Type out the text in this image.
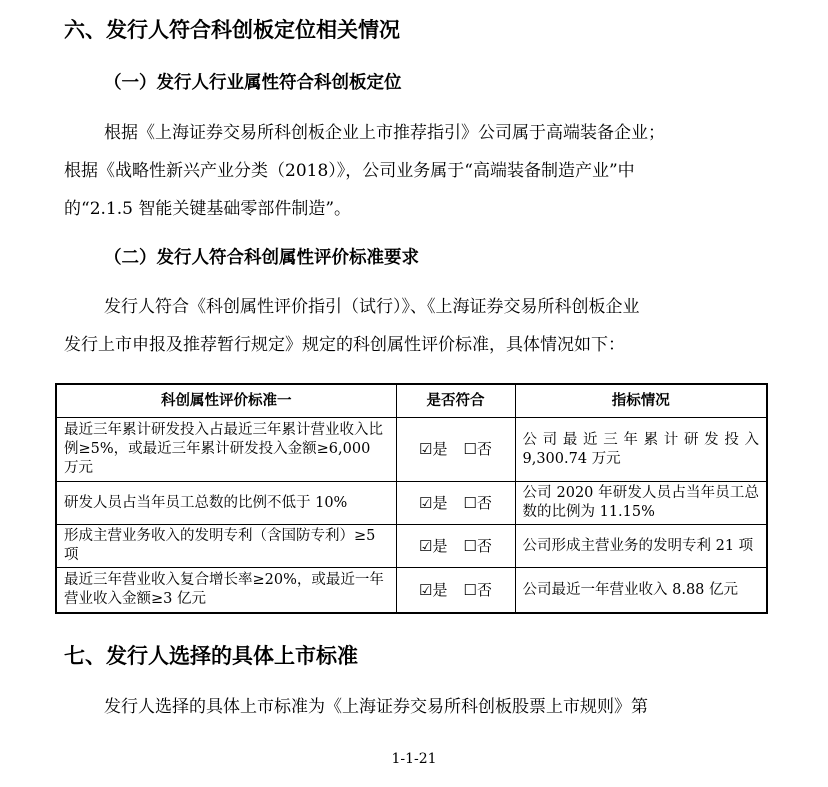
六、发行人符合科创板定位相关情况
（一）发行人行业属性符合科创板定位

根据《上海证券交易所科创板企业上市推荐指引》公司属于高端装备企业；
根据《战略性新兴产业分类（2018）》，公司业务属于“高端装备制造产业”中
的“2.1.5 智能关键基础零部件制造”。

（二）发行人符合科创属性评价标准要求

发行人符合《科创属性评价指引（试行）》、《上海证券交易所科创板企业
发行上市申报及推荐暂行规定》规定的科创属性评价标准，具体情况如下：

科创属性评价标准一	是否符合	指标情况
最近三年累计研发投入占最近三年累计营业收入比例≥5%，或最近三年累计研发投入金额≥6,000 万元	☑是 ☐否	公司最近三年累计研发投入 9,300.74 万元
研发人员占当年员工总数的比例不低于 10%	☑是 ☐否	公司 2020 年研发人员占当年员工总数的比例为 11.15%
形成主营业务收入的发明专利（含国防专利）≥5 项	☑是 ☐否	公司形成主营业务的发明专利 21 项
最近三年营业收入复合增长率≥20%，或最近一年营业收入金额≥3 亿元	☑是 ☐否	公司最近一年营业收入 8.88 亿元
七、发行人选择的具体上市标准

发行人选择的具体上市标准为《上海证券交易所科创板股票上市规则》第

1-1-21
